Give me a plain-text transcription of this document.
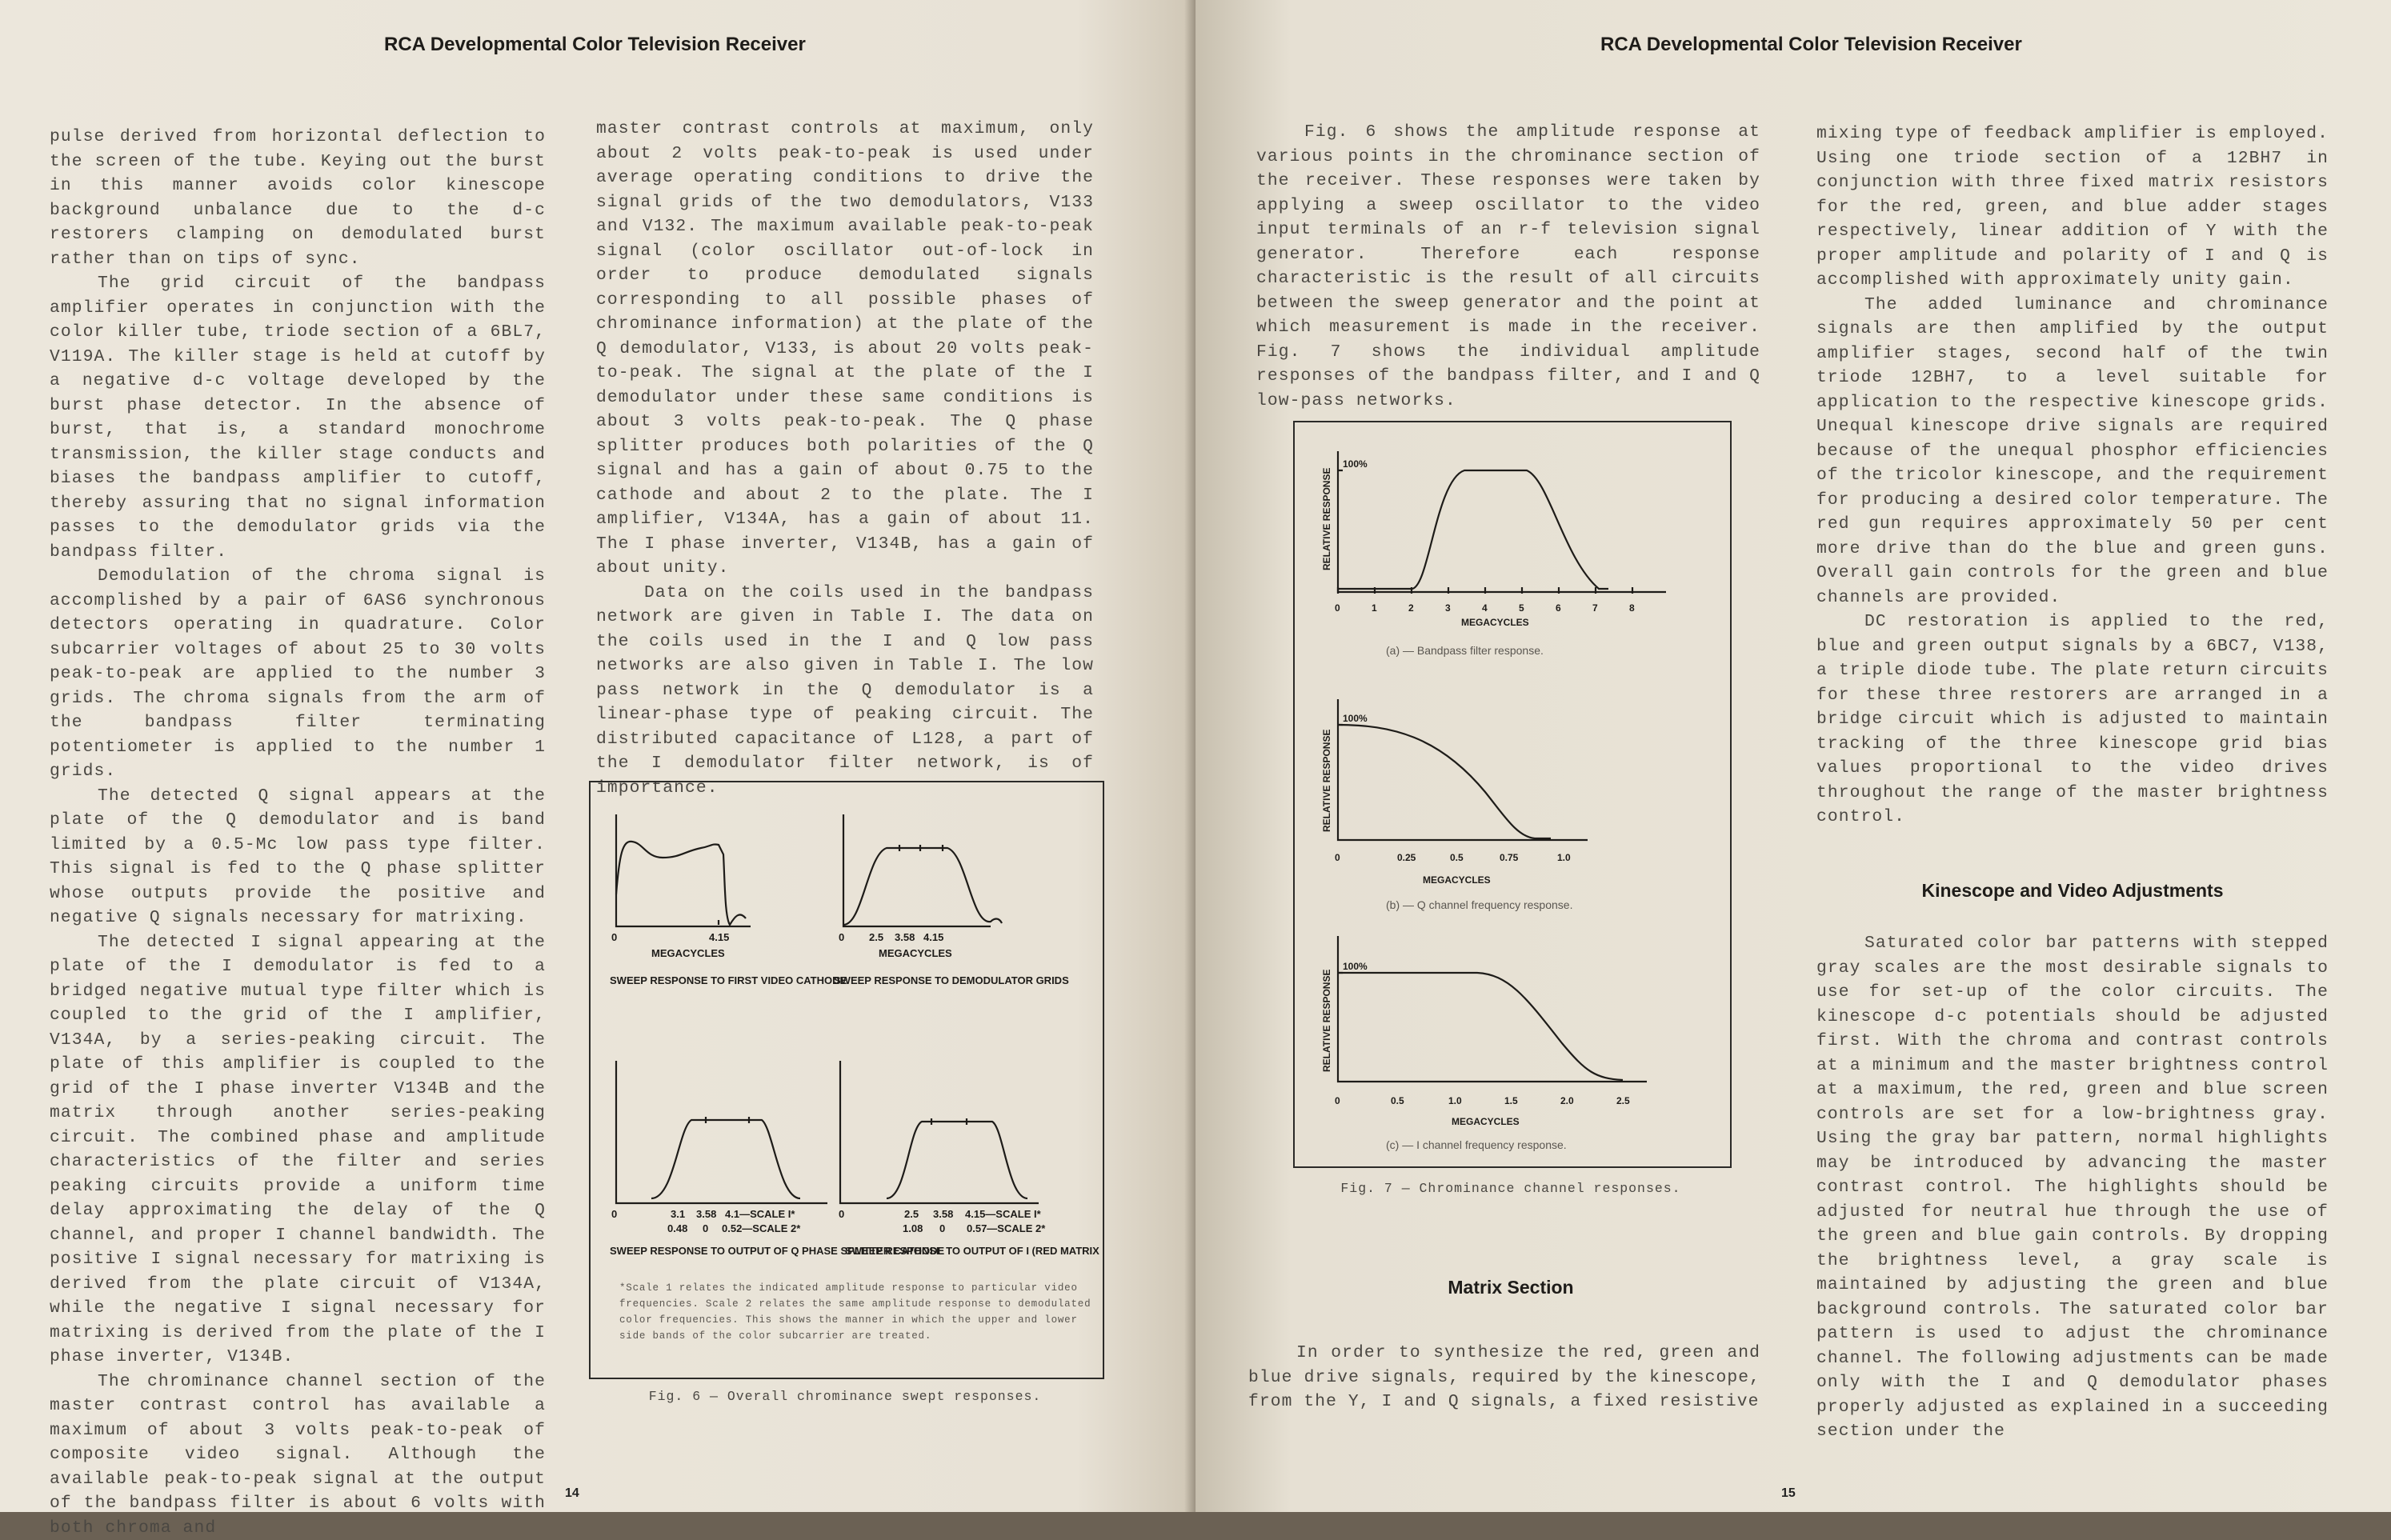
RCA Developmental Color Television Receiver

pulse derived from horizontal deflection to the screen of the tube. Keying out the burst in this manner avoids color kinescope background unbalance due to the d-c restorers clamping on demodulated burst rather than on tips of sync.

The grid circuit of the bandpass amplifier operates in conjunction with the color killer tube, triode section of a 6BL7, V119A. The killer stage is held at cutoff by a negative d-c voltage developed by the burst phase detector. In the absence of burst, that is, a standard monochrome transmission, the killer stage conducts and biases the bandpass amplifier to cutoff, thereby assuring that no signal information passes to the demodulator grids via the bandpass filter.

Demodulation of the chroma signal is accomplished by a pair of 6AS6 synchronous detectors operating in quadrature. Color subcarrier voltages of about 25 to 30 volts peak-to-peak are applied to the number 3 grids. The chroma signals from the arm of the bandpass filter terminating potentiometer is applied to the number 1 grids.

The detected Q signal appears at the plate of the Q demodulator and is band limited by a 0.5-Mc low pass type filter. This signal is fed to the Q phase splitter whose outputs provide the positive and negative Q signals necessary for matrixing.

The detected I signal appearing at the plate of the I demodulator is fed to a bridged negative mutual type filter which is coupled to the grid of the I amplifier, V134A, by a series-peaking circuit. The plate of this amplifier is coupled to the grid of the I phase inverter V134B and the matrix through another series-peaking circuit. The combined phase and amplitude characteristics of the filter and series peaking circuits provide a uniform time delay approximating the delay of the Q channel, and proper I channel bandwidth. The positive I signal necessary for matrixing is derived from the plate circuit of V134A, while the negative I signal necessary for matrixing is derived from the plate of the I phase inverter, V134B.

The chrominance channel section of the master contrast control has available a maximum of about 3 volts peak-to-peak of composite video signal. Although the available peak-to-peak signal at the output of the bandpass filter is about 6 volts with both chroma and

master contrast controls at maximum, only about 2 volts peak-to-peak is used under average operating conditions to drive the signal grids of the two demodulators, V133 and V132. The maximum available peak-to-peak signal (color oscillator out-of-lock in order to produce demodulated signals corresponding to all possible phases of chrominance information) at the plate of the Q demodulator, V133, is about 20 volts peak-to-peak. The signal at the plate of the I demodulator under these same conditions is about 3 volts peak-to-peak. The Q phase splitter produces both polarities of the Q signal and has a gain of about 0.75 to the cathode and about 2 to the plate. The I amplifier, V134A, has a gain of about 11. The I phase inverter, V134B, has a gain of about unity.

Data on the coils used in the bandpass network are given in Table I. The data on the coils used in the I and Q low pass networks are also given in Table I. The low pass network in the Q demodulator is a linear-phase type of peaking circuit. The distributed capacitance of L128, a part of the I demodulator filter network, is of importance.

0	4.15
MEGACYCLES
SWEEP RESPONSE TO FIRST VIDEO CATHODE
0 2.5 3.58 4.15
MEGACYCLES
SWEEP RESPONSE TO DEMODULATOR GRIDS
0	3.1 3.58 4.1—SCALE I*
0.48 0 0.52—SCALE 2*
SWEEP RESPONSE TO OUTPUT OF Q PHASE SPLITTER CATHODE
0	2.5 3.58 4.15—SCALE I*
1.08 0 0.57—SCALE 2*
SWEEP RESPONSE TO OUTPUT OF I (RED MATRIX
*Scale 1 relates the indicated amplitude response to particular video frequencies. Scale 2 relates the same amplitude response to demodulated color frequencies. This shows the manner in which the upper and lower side bands of the color subcarrier are treated.
Fig. 6 — Overall chrominance swept responses.
14
RCA Developmental Color Television Receiver

Fig. 6 shows the amplitude response at various points in the chrominance section of the receiver. These responses were taken by applying a sweep oscillator to the video input terminals of an r-f television signal generator. Therefore each response characteristic is the result of all circuits between the sweep generator and the point at which measurement is made in the receiver. Fig. 7 shows the individual amplitude responses of the bandpass filter, and I and Q low-pass networks.

RELATIVE RESPONSE
100%
0	1	2	3	4	5	6	7	8
MEGACYCLES
RELATIVE RESPONSE
100%
0	0.25	0.5	0.75	1.0
MEGACYCLES
RELATIVE RESPONSE
100%
0	0.5	1.0	1.5	2.0	2.5
MEGACYCLES
(a) — Bandpass filter response.
(b) — Q channel frequency response.
(c) — I channel frequency response.
Fig. 7 — Chrominance channel responses.
Matrix Section

In order to synthesize the red, green and blue drive signals, required by the kinescope, from the Y, I and Q signals, a fixed resistive

mixing type of feedback amplifier is employed. Using one triode section of a 12BH7 in conjunction with three fixed matrix resistors for the red, green, and blue adder stages respectively, linear addition of Y with the proper amplitude and polarity of I and Q is accomplished with approximately unity gain.

The added luminance and chrominance signals are then amplified by the output amplifier stages, second half of the twin triode 12BH7, to a level suitable for application to the respective kinescope grids. Unequal kinescope drive signals are required because of the unequal phosphor efficiencies of the tricolor kinescope, and the requirement for producing a desired color temperature. The red gun requires approximately 50 per cent more drive than do the blue and green guns. Overall gain controls for the green and blue channels are provided.

DC restoration is applied to the red, blue and green output signals by a 6BC7, V138, a triple diode tube. The plate return circuits for these three restorers are arranged in a bridge circuit which is adjusted to maintain tracking of the three kinescope grid bias values proportional to the video drives throughout the range of the master brightness control.

Kinescope and Video Adjustments

Saturated color bar patterns with stepped gray scales are the most desirable signals to use for set-up of the color circuits. The kinescope d-c potentials should be adjusted first. With the chroma and contrast controls at a minimum and the master brightness control at a maximum, the red, green and blue screen controls are set for a low-brightness gray. Using the gray bar pattern, normal highlights may be introduced by advancing the master contrast control. The highlights should be adjusted for neutral hue through the use of the green and blue gain controls. By dropping the brightness level, a gray scale is maintained by adjusting the green and blue background controls. The saturated color bar pattern is used to adjust the chrominance channel. The following adjustments can be made only with the I and Q demodulator phases properly adjusted as explained in a succeeding section under the

15
